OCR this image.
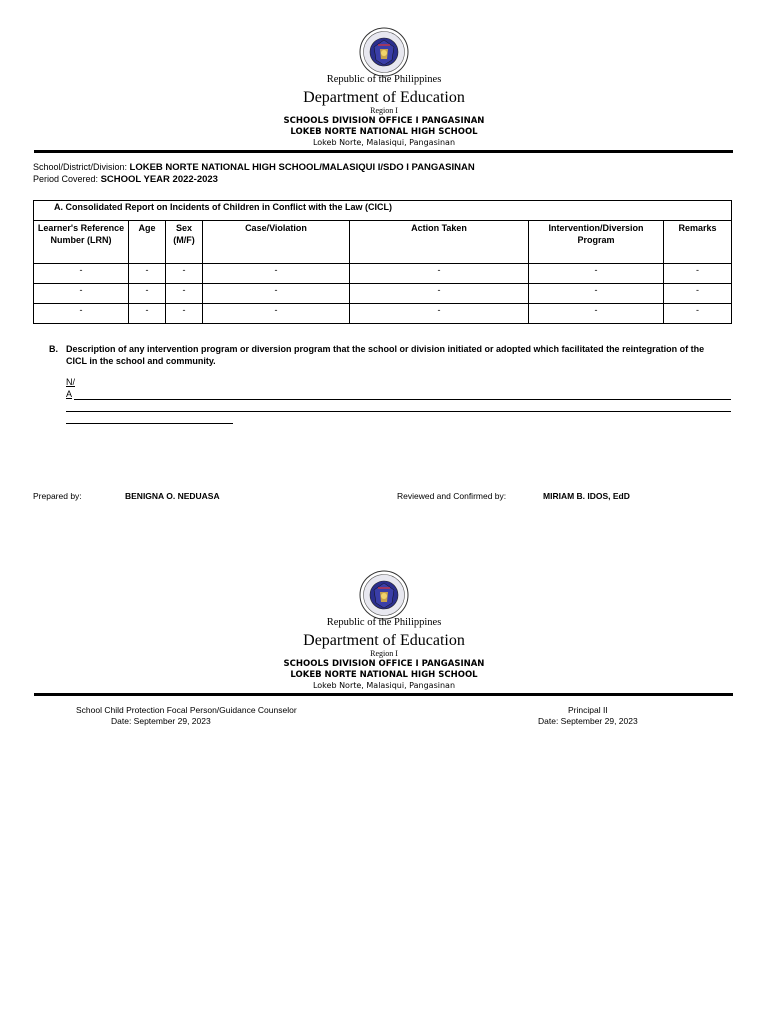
Republic of the Philippines
Department of Education
Region I
SCHOOLS DIVISION OFFICE I PANGASINAN
LOKEB NORTE NATIONAL HIGH SCHOOL
Lokeb Norte, Malasiqui, Pangasinan
School/District/Division: LOKEB NORTE NATIONAL HIGH SCHOOL/MALASIQUI I/SDO I PANGASINAN
Period Covered: SCHOOL YEAR 2022-2023
A. Consolidated Report on Incidents of Children in Conflict with the Law (CICL)						
Learner's Reference Number (LRN)	Age	Sex (M/F)	Case/Violation	Action Taken	Intervention/Diversion Program	Remarks
-	-	-	-	-	-	-
-	-	-	-	-	-	-
-	-	-	-	-	-	-
B. Description of any intervention program or diversion program that the school or division initiated or adopted which facilitated the reintegration of the CICL in the school and community.
N/
A
Prepared by:	BENIGNA O. NEDUASA	Reviewed and Confirmed by:	MIRIAM B. IDOS, EdD
Republic of the Philippines
Department of Education
Region I
SCHOOLS DIVISION OFFICE I PANGASINAN
LOKEB NORTE NATIONAL HIGH SCHOOL
Lokeb Norte, Malasiqui, Pangasinan
School Child Protection Focal Person/Guidance Counselor
Date: September 29, 2023
Principal II
Date: September 29, 2023
